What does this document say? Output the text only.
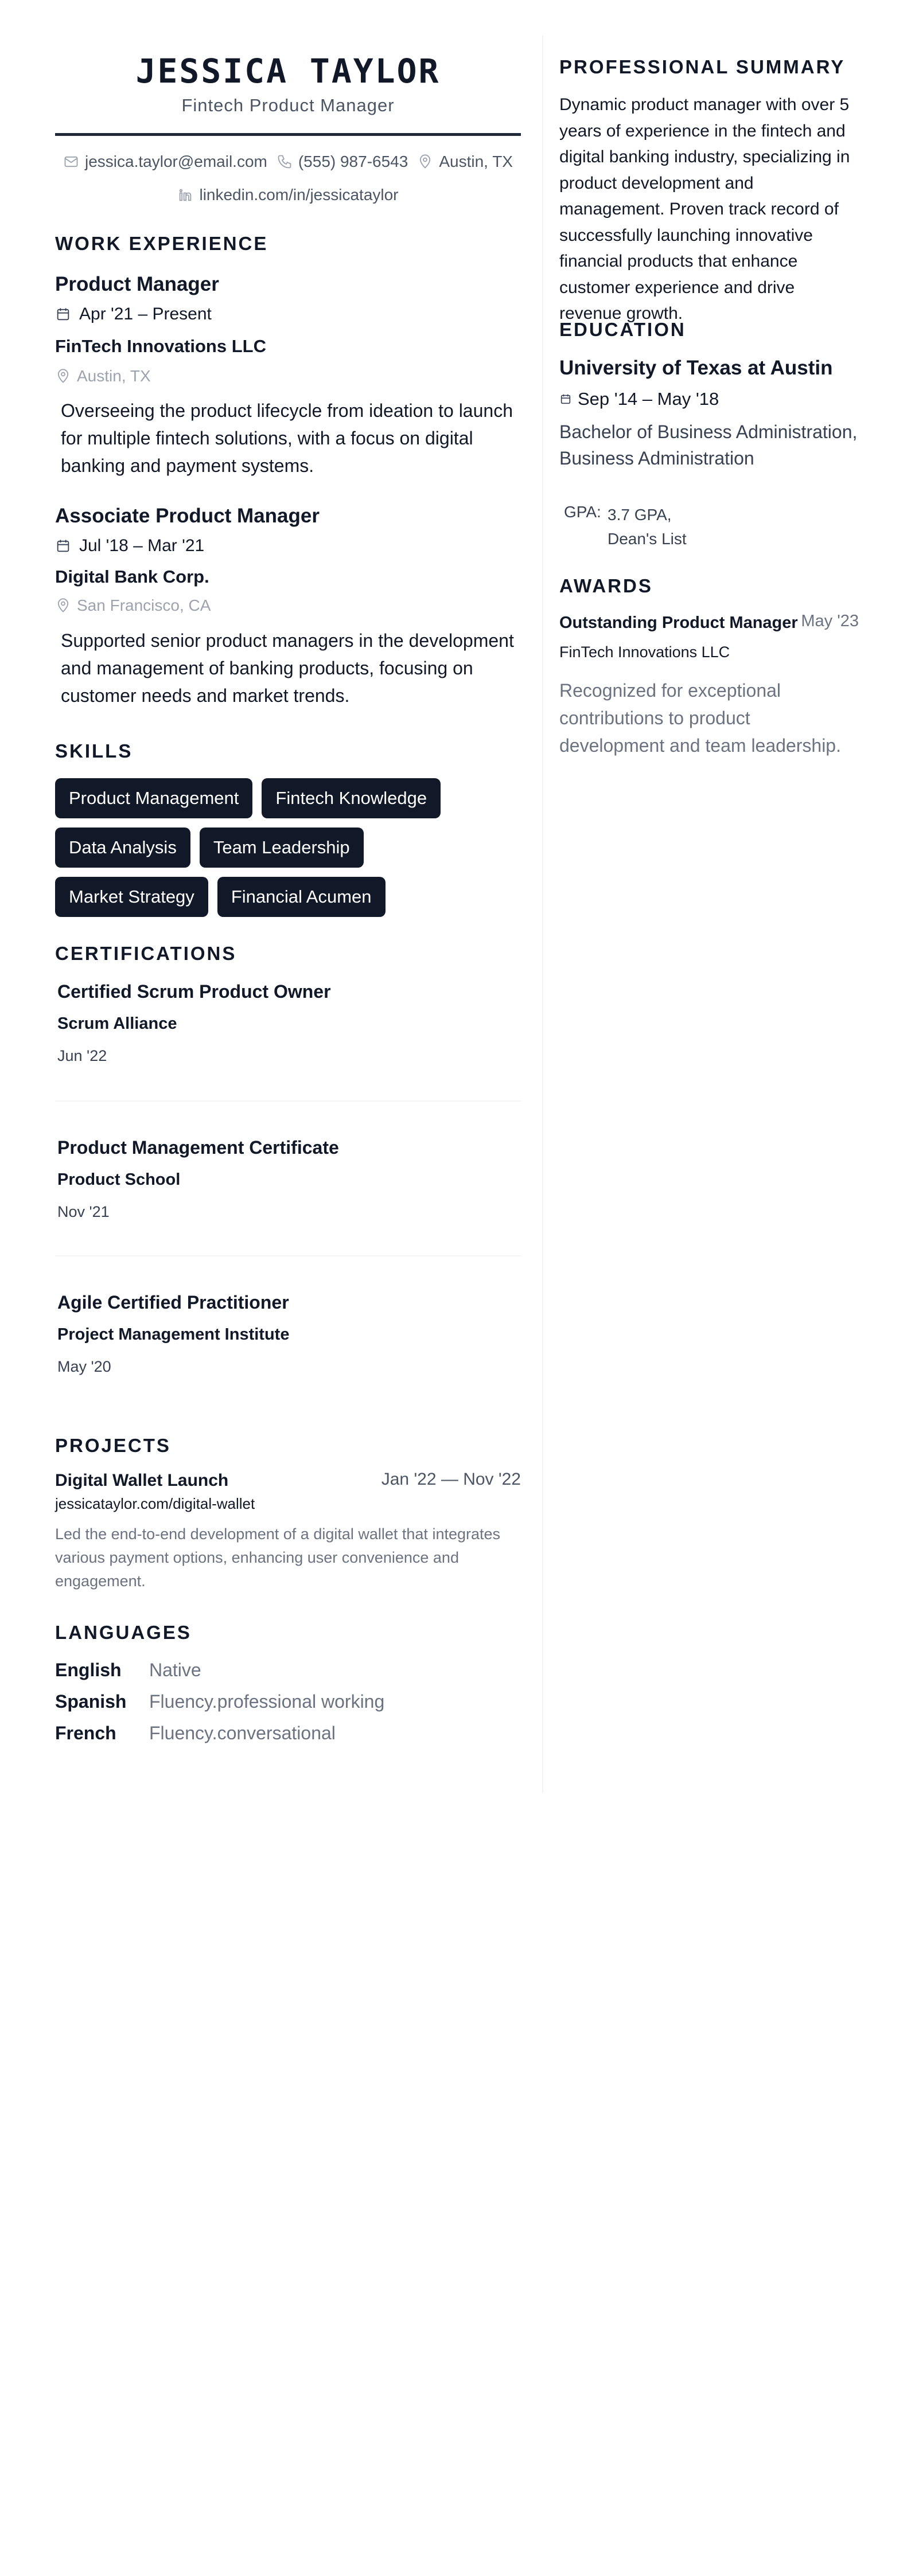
JESSICA TAYLOR
Fintech Product Manager
jessica.taylor@email.com (555) 987-6543 Austin, TX
linkedin.com/in/jessicataylor
WORK EXPERIENCE
Product Manager
Apr '21 – Present
FinTech Innovations LLC
Austin, TX
Overseeing the product lifecycle from ideation to launch for multiple fintech solutions, with a focus on digital banking and payment systems.
Associate Product Manager
Jul '18 – Mar '21
Digital Bank Corp.
San Francisco, CA
Supported senior product managers in the development and management of banking products, focusing on customer needs and market trends.
SKILLS
Product Management	Fintech Knowledge
Data Analysis	Team Leadership
Market Strategy	Financial Acumen
CERTIFICATIONS
Certified Scrum Product Owner
Scrum Alliance
Jun '22
Product Management Certificate
Product School
Nov '21
Agile Certified Practitioner
Project Management Institute
May '20
PROJECTS
Digital Wallet Launch	Jan '22 — Nov '22
jessicataylor.com/digital-wallet
Led the end-to-end development of a digital wallet that integrates various payment options, enhancing user convenience and engagement.
LANGUAGES
English	Native
Spanish	Fluency.professional working
French	Fluency.conversational
PROFESSIONAL SUMMARY
Dynamic product manager with over 5 years of experience in the fintech and digital banking industry, specializing in product development and management. Proven track record of successfully launching innovative financial products that enhance customer experience and drive revenue growth.
EDUCATION
University of Texas at Austin
Sep '14 – May '18
Bachelor of Business Administration, Business Administration
GPA: 3.7 GPA, Dean's List
AWARDS
Outstanding Product Manager May '23
FinTech Innovations LLC
Recognized for exceptional contributions to product development and team leadership.
